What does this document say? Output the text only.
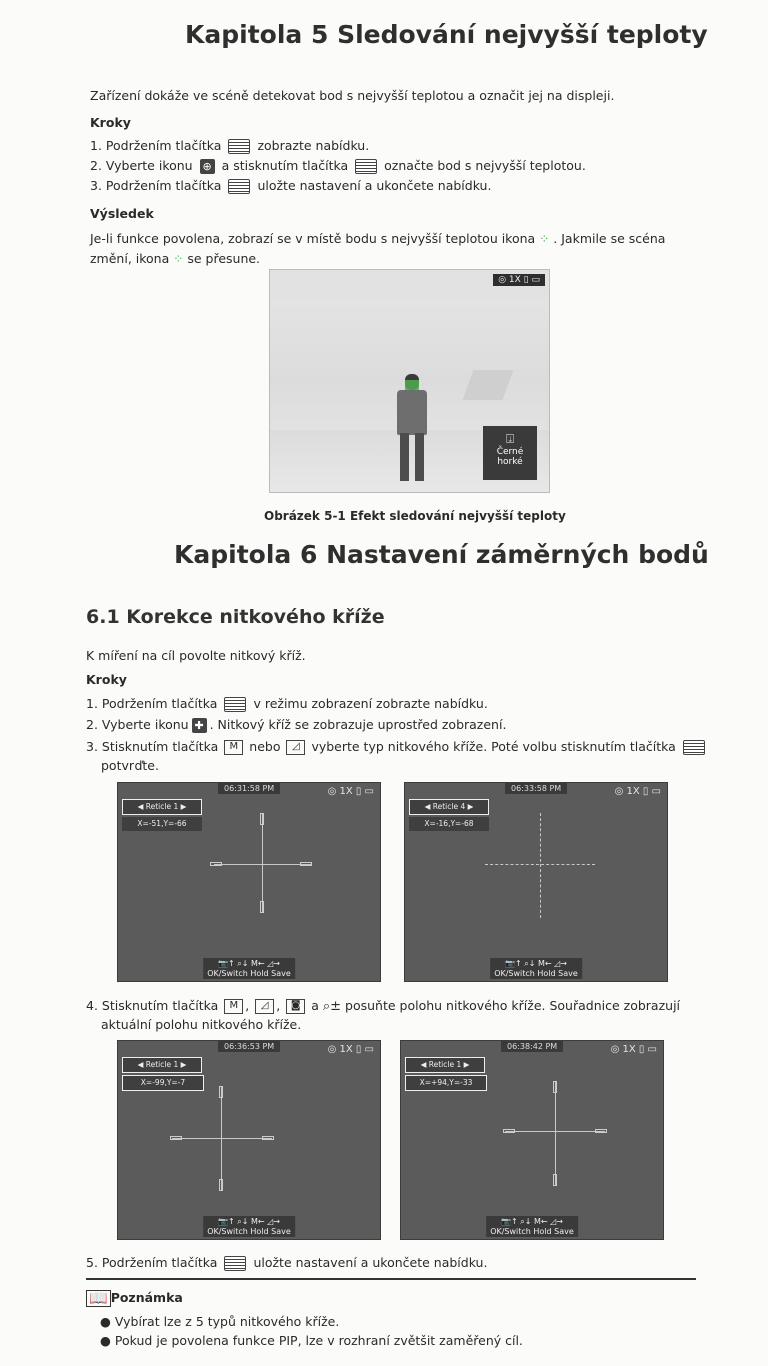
Kapitola 5 Sledování nejvyšší teploty
Zařízení dokáže ve scéně detekovat bod s nejvyšší teplotou a označit jej na displeji.
Kroky
1. Podržením tlačítka	zobrazte nabídku.
2. Vyberte ikonu ⊕ a stisknutím tlačítka	označte bod s nejvyšší teplotou.
3. Podržením tlačítka	uložte nastavení a ukončete nabídku.
Výsledek
Je-li funkce povolena, zobrazí se v místě bodu s nejvyšší teplotou ikona ⁘ . Jakmile se scéna
změní, ikona ⁘ se přesune.
◎ 1X ▯ ▭
⍗
Černé
horké
Obrázek 5-1 Efekt sledování nejvyšší teploty
Kapitola 6 Nastavení záměrných bodů
6.1 Korekce nitkového kříže
K míření na cíl povolte nitkový kříž.
Kroky
1. Podržením tlačítka	v režimu zobrazení zobrazte nabídku.
2. Vyberte ikonu ✚ . Nitkový kříž se zobrazuje uprostřed zobrazení.
3. Stisknutím tlačítka M nebo ◿ vyberte typ nitkového kříže. Poté volbu stisknutím tlačítka
potvrďte.
06:31:58 PM	◎ 1X ▯ ▭
◀ Reticle 1 ▶
X=-51,Y=-66
📷↑ ⌕↓ M← ◿→
OK/Switch Hold Save
06:33:58 PM	◎ 1X ▯ ▭
◀ Reticle 4 ▶
X=-16,Y=-68
📷↑ ⌕↓ M← ◿→
OK/Switch Hold Save
4. Stisknutím tlačítka M , ◿ , ◙ a ⌕± posuňte polohu nitkového kříže. Souřadnice zobrazují
aktuální polohu nitkového kříže.
06:36:53 PM	◎ 1X ▯ ▭
◀ Reticle 1 ▶
X=-99,Y=-7
📷↑ ⌕↓ M← ◿→
OK/Switch Hold Save
06:38:42 PM	◎ 1X ▯ ▭
◀ Reticle 1 ▶
X=+94,Y=-33
📷↑ ⌕↓ M← ◿→
OK/Switch Hold Save
5. Podržením tlačítka	uložte nastavení a ukončete nabídku.
📖 Poznámka
● Vybírat lze z 5 typů nitkového kříže.
● Pokud je povolena funkce PIP, lze v rozhraní zvětšit zaměřený cíl.
